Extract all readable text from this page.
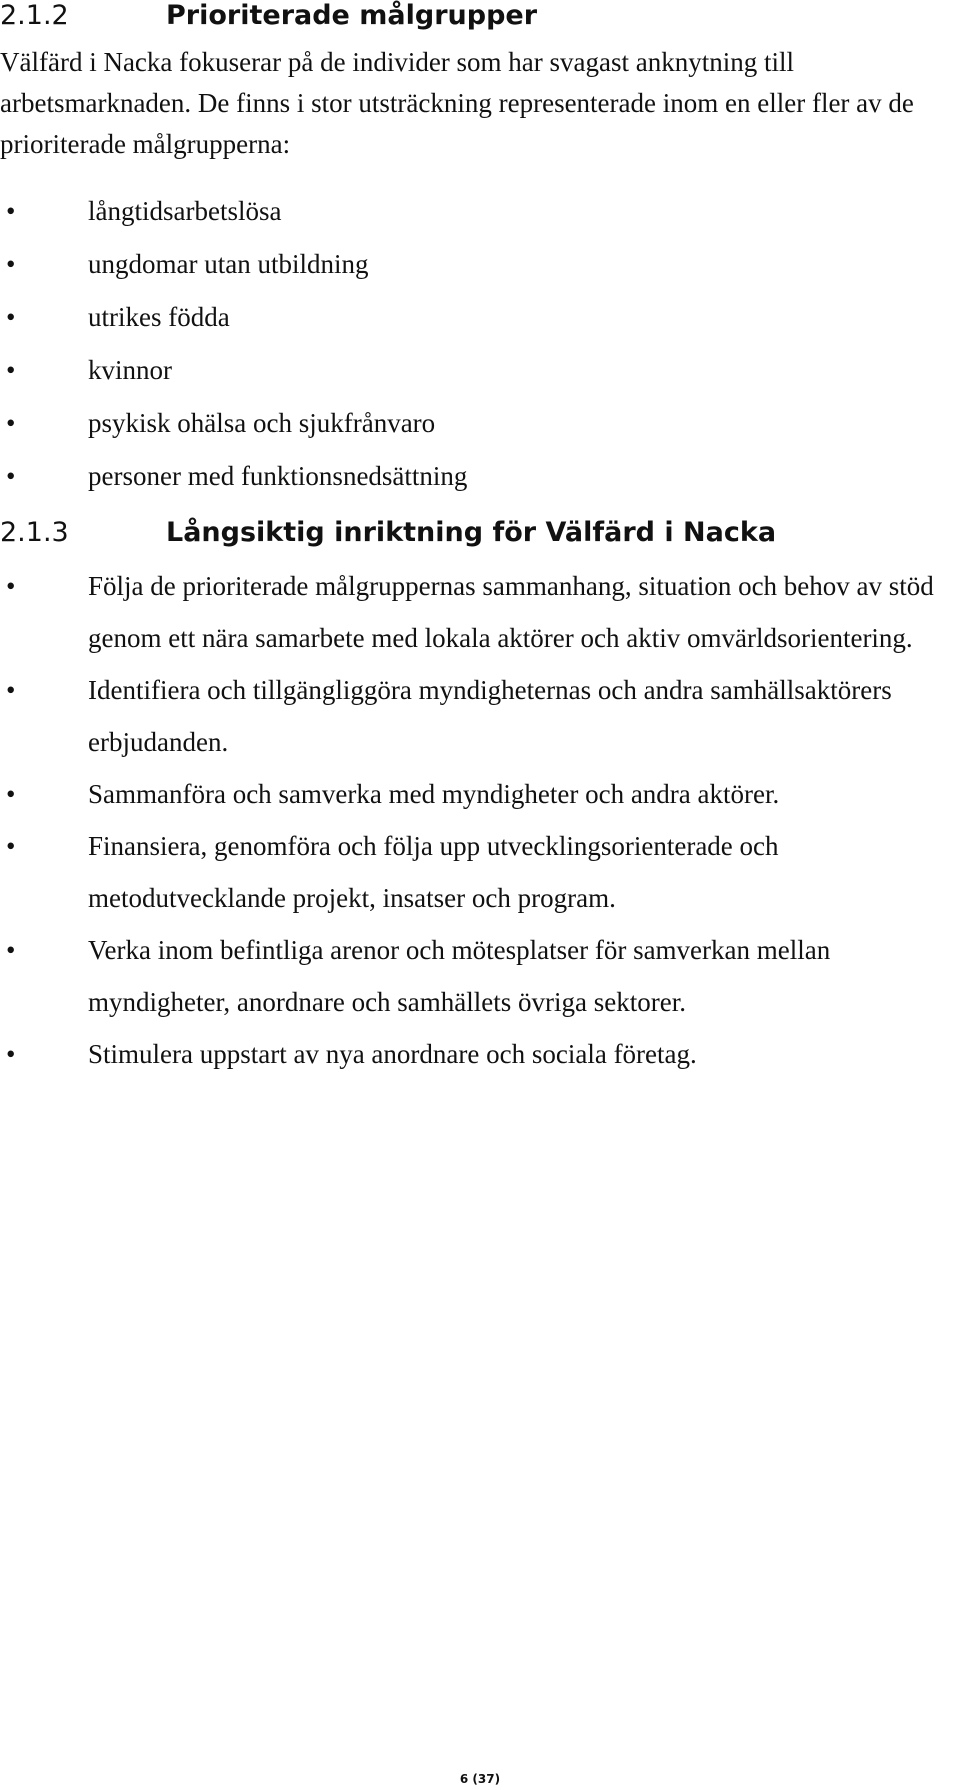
2.1.2	Prioriterade målgrupper

Välfärd i Nacka fokuserar på de individer som har svagast anknytning till arbetsmarknaden. De finns i stor utsträckning representerade inom en eller fler av de prioriterade målgrupperna:

•	långtidsarbetslösa
•	ungdomar utan utbildning
•	utrikes födda
•	kvinnor
•	psykisk ohälsa och sjukfrånvaro
•	personer med funktionsnedsättning
2.1.3	Långsiktig inriktning för Välfärd i Nacka
•	Följa de prioriterade målgruppernas sammanhang, situation och behov av stöd genom ett nära samarbete med lokala aktörer och aktiv omvärldsorientering.
•	Identifiera och tillgängliggöra myndigheternas och andra samhällsaktörers erbjudanden.
•	Sammanföra och samverka med myndigheter och andra aktörer.
•	Finansiera, genomföra och följa upp utvecklingsorienterade och metodutvecklande projekt, insatser och program.
•	Verka inom befintliga arenor och mötesplatser för samverkan mellan myndigheter, anordnare och samhällets övriga sektorer.
•	Stimulera uppstart av nya anordnare och sociala företag.
6 (37)
